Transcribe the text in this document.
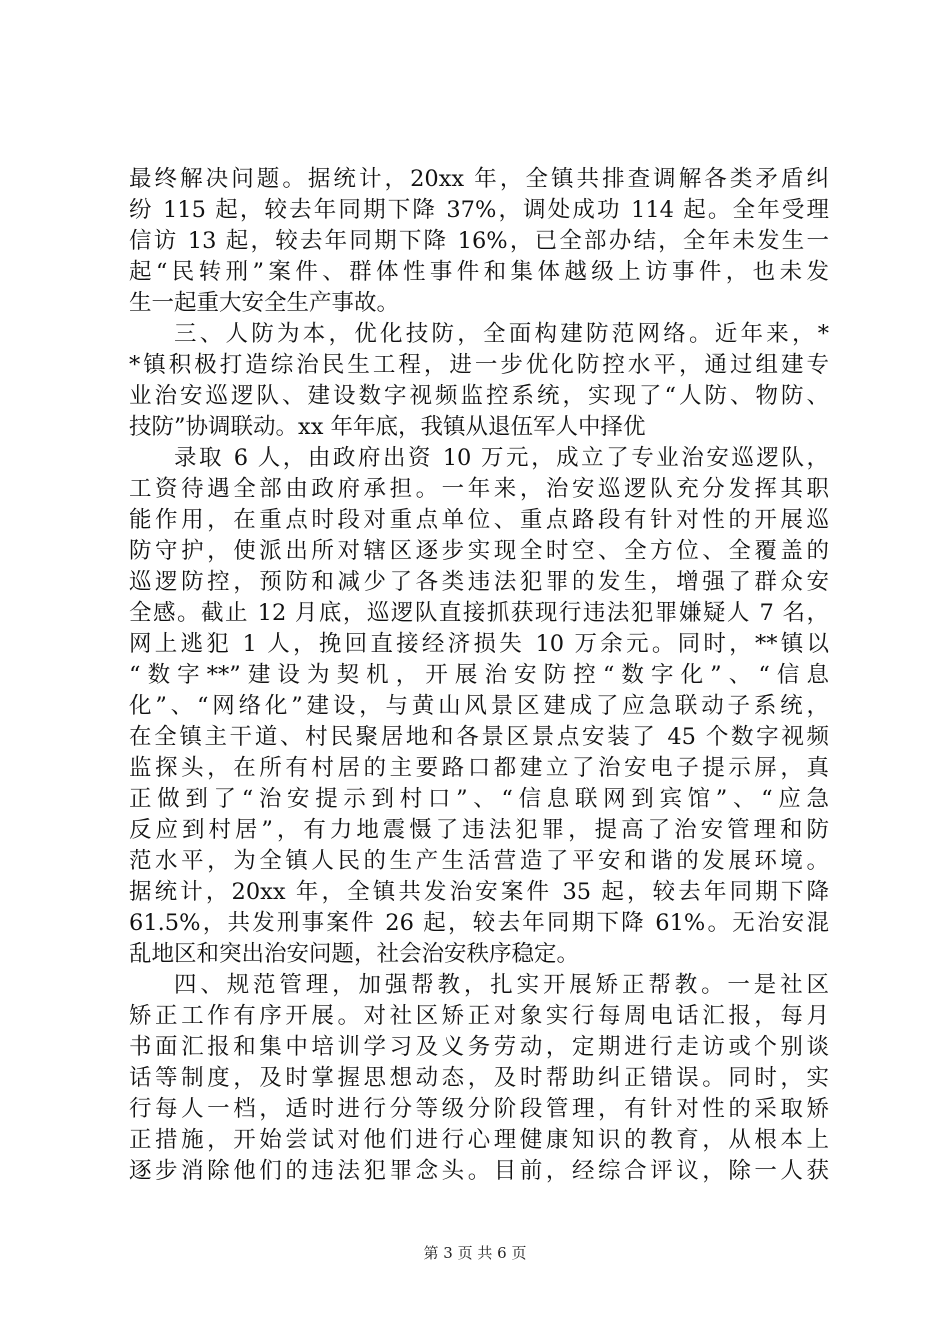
最终解决问题。据统计，20xx 年，全镇共排查调解各类矛盾纠
纷 115 起，较去年同期下降 37%，调处成功 114 起。全年受理
信访 13 起，较去年同期下降 16%，已全部办结，全年未发生一
起“民转刑”案件、群体性事件和集体越级上访事件，也未发
生一起重大安全生产事故。
三、人防为本，优化技防，全面构建防范网络。近年来，*
*镇积极打造综治民生工程，进一步优化防控水平，通过组建专
业治安巡逻队、建设数字视频监控系统，实现了“人防、物防、
技防”协调联动。xx 年年底，我镇从退伍军人中择优
录取 6 人，由政府出资 10 万元，成立了专业治安巡逻队，
工资待遇全部由政府承担。一年来，治安巡逻队充分发挥其职
能作用，在重点时段对重点单位、重点路段有针对性的开展巡
防守护，使派出所对辖区逐步实现全时空、全方位、全覆盖的
巡逻防控，预防和减少了各类违法犯罪的发生，增强了群众安
全感。截止 12 月底，巡逻队直接抓获现行违法犯罪嫌疑人 7 名，
网上逃犯 1 人，挽回直接经济损失 10 万余元。同时，**镇以
“数字**”建设为契机，开展治安防控“数字化”、“信息
化”、“网络化”建设，与黄山风景区建成了应急联动子系统，
在全镇主干道、村民聚居地和各景区景点安装了 45 个数字视频
监探头，在所有村居的主要路口都建立了治安电子提示屏，真
正做到了“治安提示到村口”、“信息联网到宾馆”、“应急
反应到村居”，有力地震慑了违法犯罪，提高了治安管理和防
范水平，为全镇人民的生产生活营造了平安和谐的发展环境。
据统计，20xx 年，全镇共发治安案件 35 起，较去年同期下降
61.5%，共发刑事案件 26 起，较去年同期下降 61%。无治安混
乱地区和突出治安问题，社会治安秩序稳定。
四、规范管理，加强帮教，扎实开展矫正帮教。一是社区
矫正工作有序开展。对社区矫正对象实行每周电话汇报，每月
书面汇报和集中培训学习及义务劳动，定期进行走访或个别谈
话等制度，及时掌握思想动态，及时帮助纠正错误。同时，实
行每人一档，适时进行分等级分阶段管理，有针对性的采取矫
正措施，开始尝试对他们进行心理健康知识的教育，从根本上
逐步消除他们的违法犯罪念头。目前，经综合评议，除一人获
第 3 页 共 6 页
